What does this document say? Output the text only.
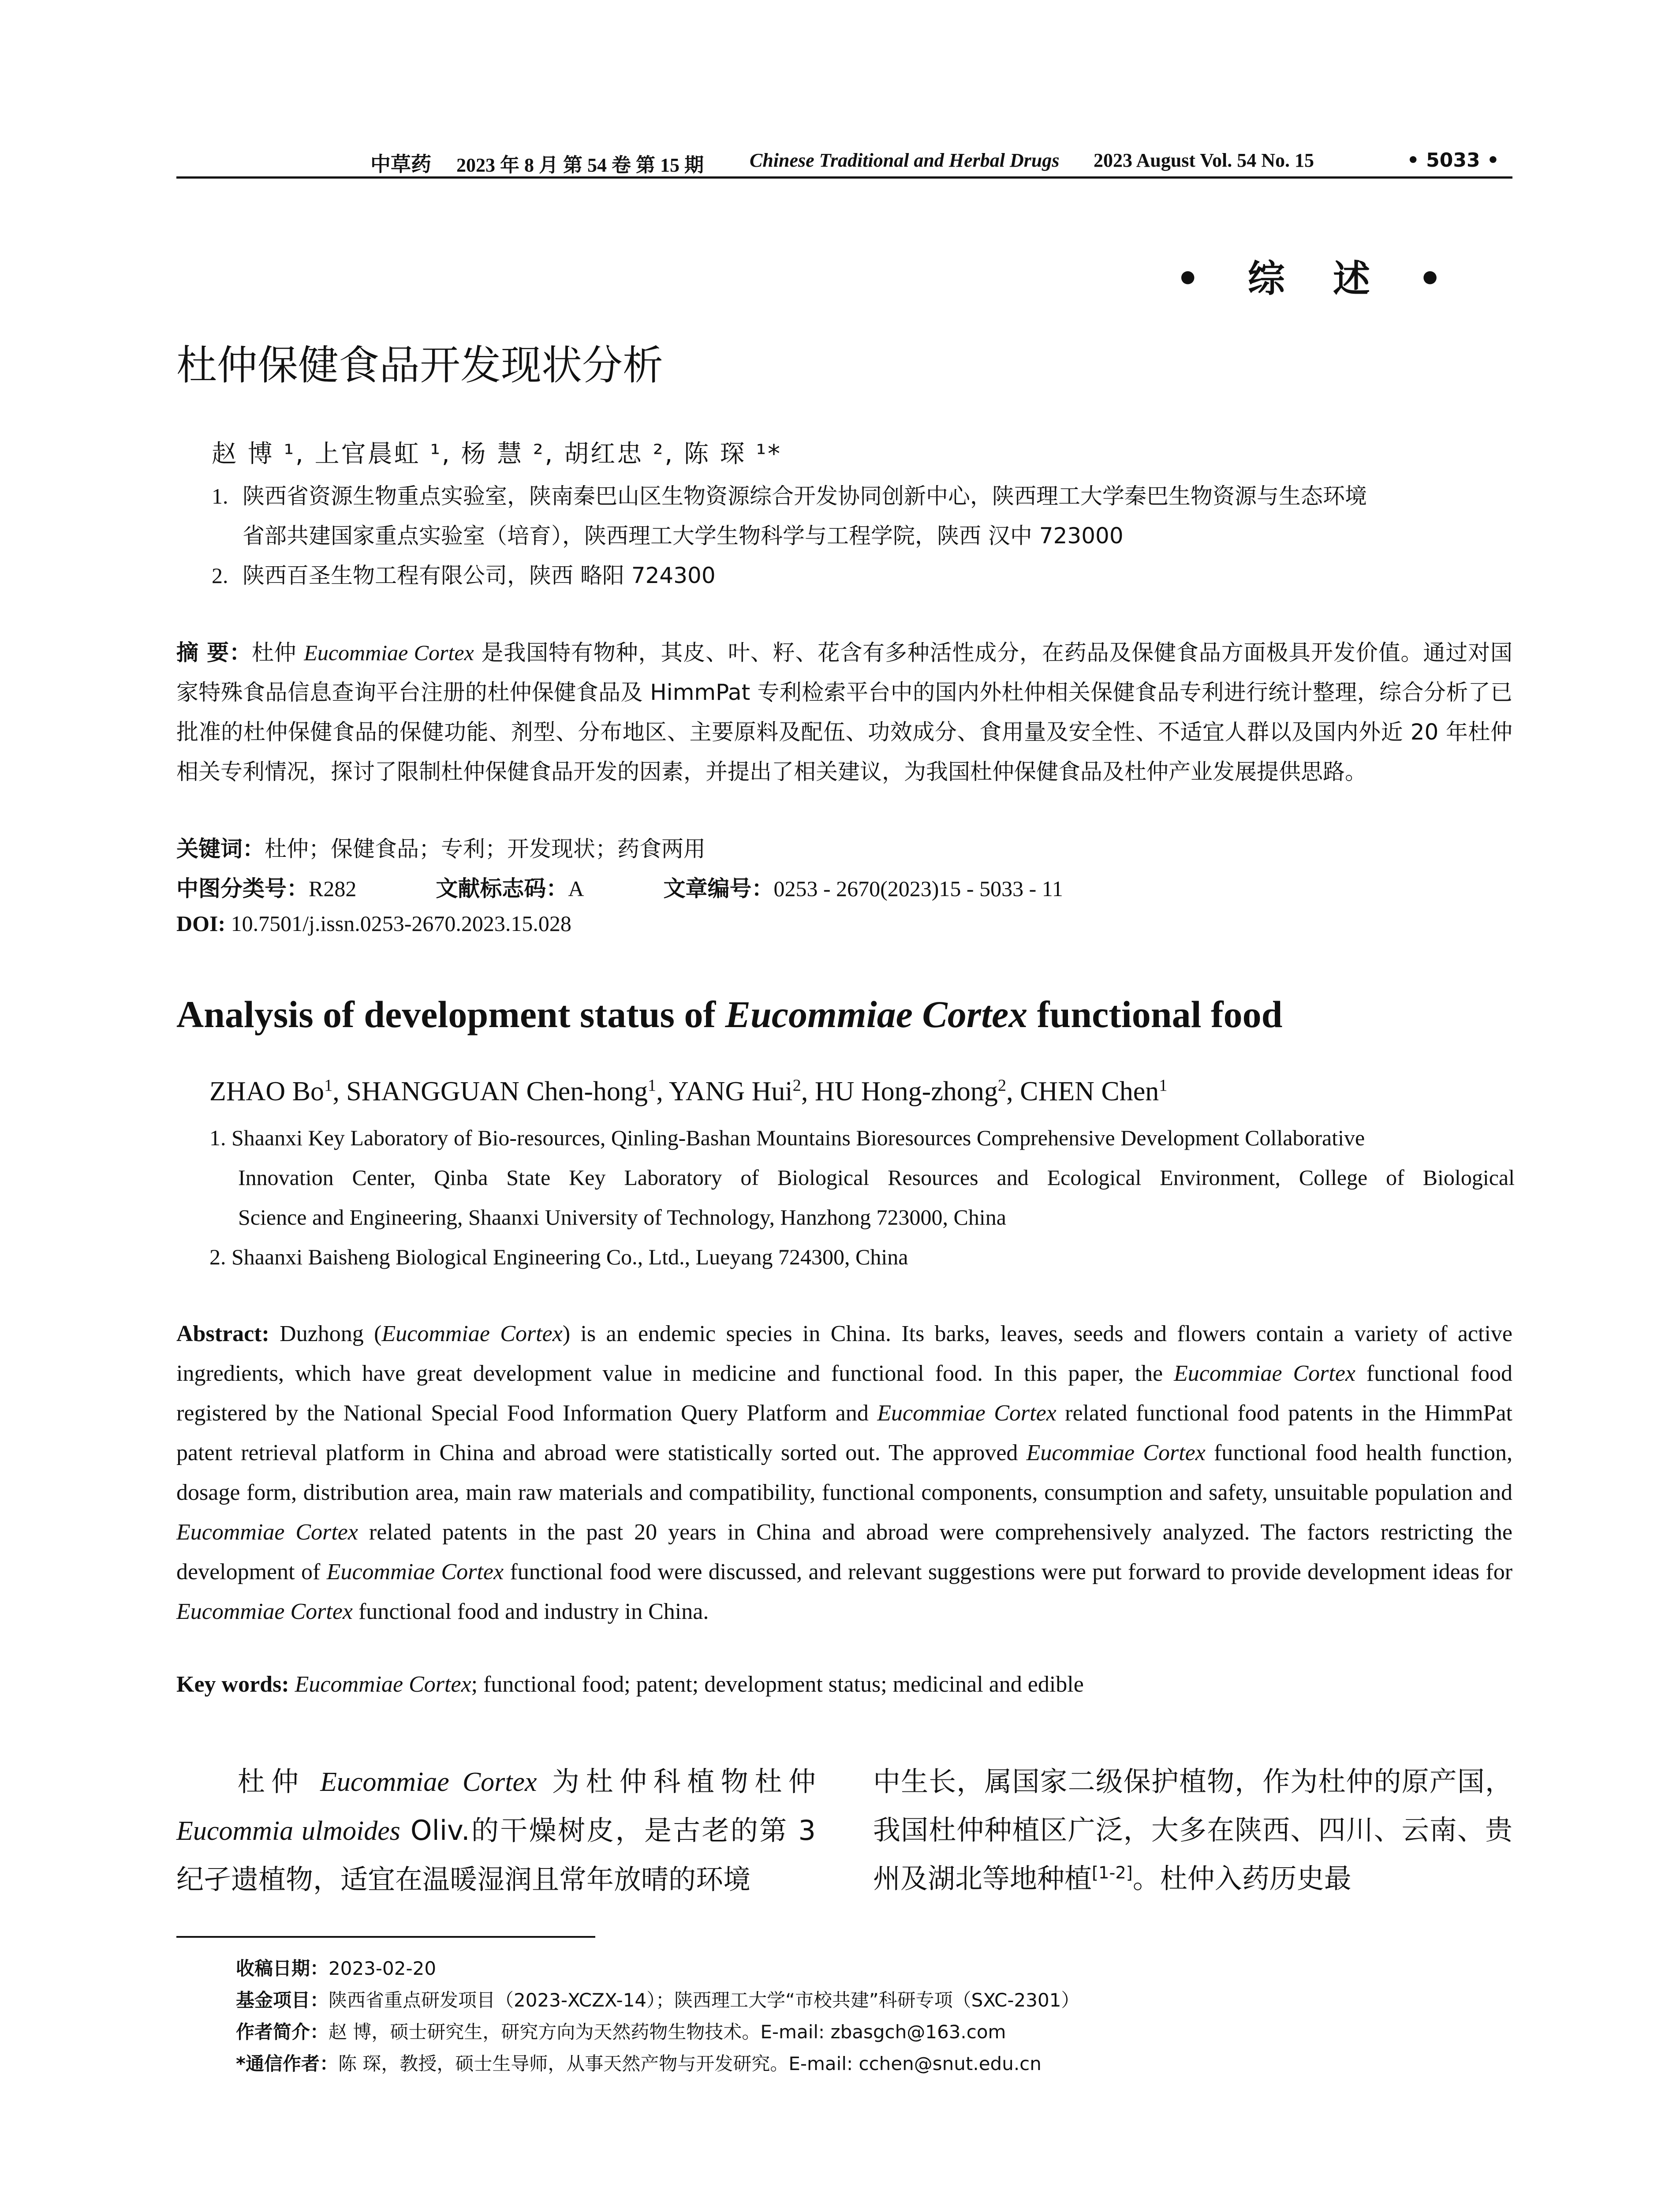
中草药 2023 年 8 月 第 54 卷 第 15 期 Chinese Traditional and Herbal Drugs 2023 August Vol. 54 No. 15	• 5033 •
• 综 述 •
杜仲保健食品开发现状分析
赵 博 ¹, 上官晨虹 ¹, 杨 慧 ², 胡红忠 ², 陈 琛 ¹*
1. 陕西省资源生物重点实验室，陕南秦巴山区生物资源综合开发协同创新中心，陕西理工大学秦巴生物资源与生态环境
省部共建国家重点实验室（培育），陕西理工大学生物科学与工程学院，陕西 汉中 723000
2. 陕西百圣生物工程有限公司，陕西 略阳 724300
摘 要：杜仲 Eucommiae Cortex 是我国特有物种，其皮、叶、籽、花含有多种活性成分，在药品及保健食品方面极具开发价值。通过对国家特殊食品信息查询平台注册的杜仲保健食品及 HimmPat 专利检索平台中的国内外杜仲相关保健食品专利进行统计整理，综合分析了已批准的杜仲保健食品的保健功能、剂型、分布地区、主要原料及配伍、功效成分、食用量及安全性、不适宜人群以及国内外近 20 年杜仲相关专利情况，探讨了限制杜仲保健食品开发的因素，并提出了相关建议，为我国杜仲保健食品及杜仲产业发展提供思路。
关键词：杜仲；保健食品；专利；开发现状；药食两用
中图分类号：R282	文献标志码：A	文章编号：0253 - 2670(2023)15 - 5033 - 11
DOI: 10.7501/j.issn.0253-2670.2023.15.028
Analysis of development status of Eucommiae Cortex functional food
ZHAO Bo$^1$, SHANGGUAN Chen-hong$^1$, YANG Hui$^2$, HU Hong-zhong$^2$, CHEN Chen$^1$
1. Shaanxi Key Laboratory of Bio-resources, Qinling-Bashan Mountains Bioresources Comprehensive Development Collaborative
Innovation Center, Qinba State Key Laboratory of Biological Resources and Ecological Environment, College of Biological
Science and Engineering, Shaanxi University of Technology, Hanzhong 723000, China
2. Shaanxi Baisheng Biological Engineering Co., Ltd., Lueyang 724300, China
Abstract: Duzhong (Eucommiae Cortex) is an endemic species in China. Its barks, leaves, seeds and flowers contain a variety of active ingredients, which have great development value in medicine and functional food. In this paper, the Eucommiae Cortex functional food registered by the National Special Food Information Query Platform and Eucommiae Cortex related functional food patents in the HimmPat patent retrieval platform in China and abroad were statistically sorted out. The approved Eucommiae Cortex functional food health function, dosage form, distribution area, main raw materials and compatibility, functional components, consumption and safety, unsuitable population and Eucommiae Cortex related patents in the past 20 years in China and abroad were comprehensively analyzed. The factors restricting the development of Eucommiae Cortex functional food were discussed, and relevant suggestions were put forward to provide development ideas for Eucommiae Cortex functional food and industry in China.
Key words: Eucommiae Cortex; functional food; patent; development status; medicinal and edible
杜仲 Eucommiae Cortex 为杜仲科植物杜仲 Eucommia ulmoides Oliv.的干燥树皮，是古老的第 3 纪孑遗植物，适宜在温暖湿润且常年放晴的环境
中生长，属国家二级保护植物，作为杜仲的原产国，我国杜仲种植区广泛，大多在陕西、四川、云南、贵州及湖北等地种植[1-2]。杜仲入药历史最
收稿日期：2023-02-20
基金项目：陕西省重点研发项目（2023-XCZX-14）；陕西理工大学“市校共建”科研专项（SXC-2301）
作者简介：赵 博，硕士研究生，研究方向为天然药物生物技术。E-mail: zbasgch@163.com
*通信作者：陈 琛，教授，硕士生导师，从事天然产物与开发研究。E-mail: cchen@snut.edu.cn
